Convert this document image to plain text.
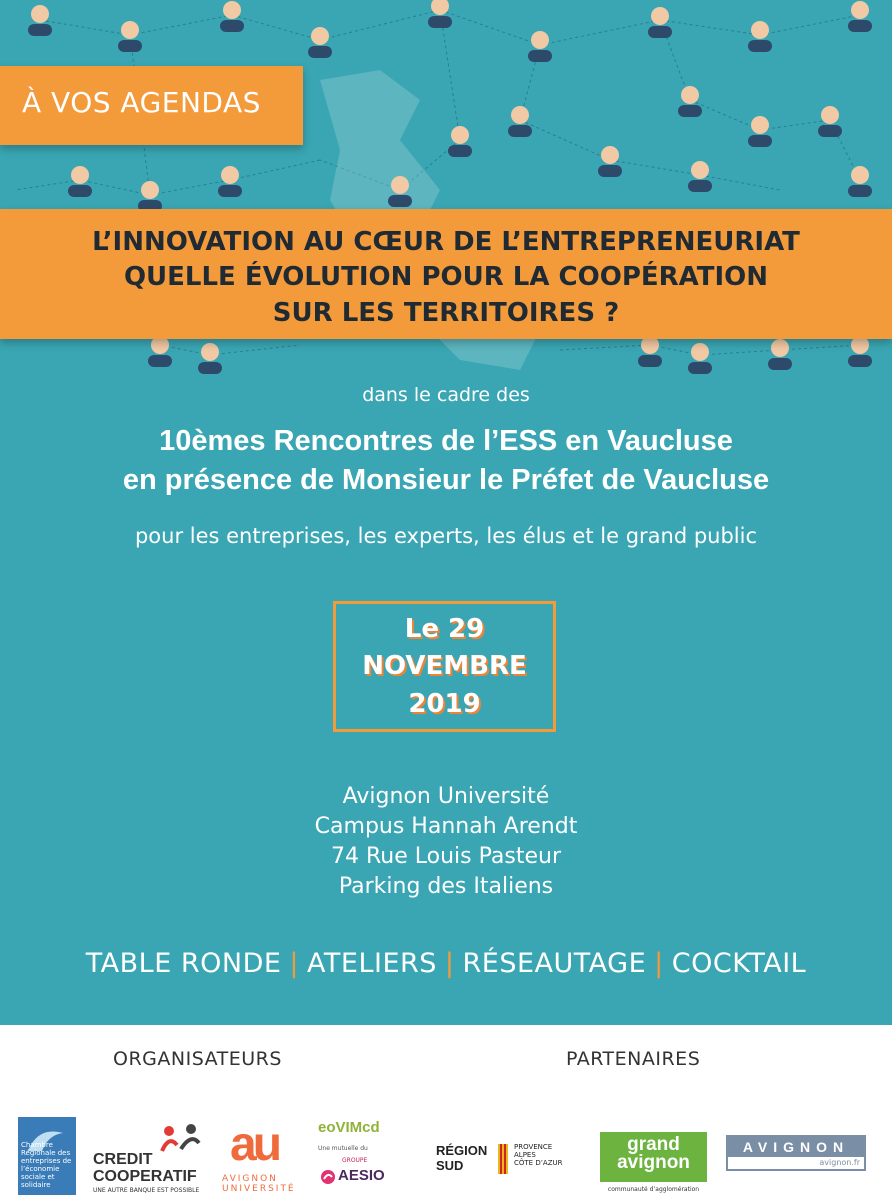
À VOS AGENDAS
L’INNOVATION AU CŒUR DE L’ENTREPRENEURIAT
QUELLE ÉVOLUTION POUR LA COOPÉRATION
SUR LES TERRITOIRES ?
dans le cadre des
10èmes Rencontres de l’ESS en Vaucluse
en présence de Monsieur le Préfet de Vaucluse
pour les entreprises, les experts, les élus et le grand public
Le 29
NOVEMBRE
2019
Avignon Université
Campus Hannah Arendt
74 Rue Louis Pasteur
Parking des Italiens
TABLE RONDE | ATELIERS | RÉSEAUTAGE | COCKTAIL
ORGANISATEURS	PARTENAIRES
Chambre Régionale des entreprises de l’économie sociale et solidaire
CREDIT COOPERATIF
UNE AUTRE BANQUE EST POSSIBLE
au
AVIGNON UNIVERSITÉ
eoVIMcd
Une mutuelle du
GROUPE
AESIO
RÉGION
SUD
PROVENCE
ALPES
CÔTE D’AZUR
grand
avignon
communauté d’agglomération
AVIGNON
avignon.fr
